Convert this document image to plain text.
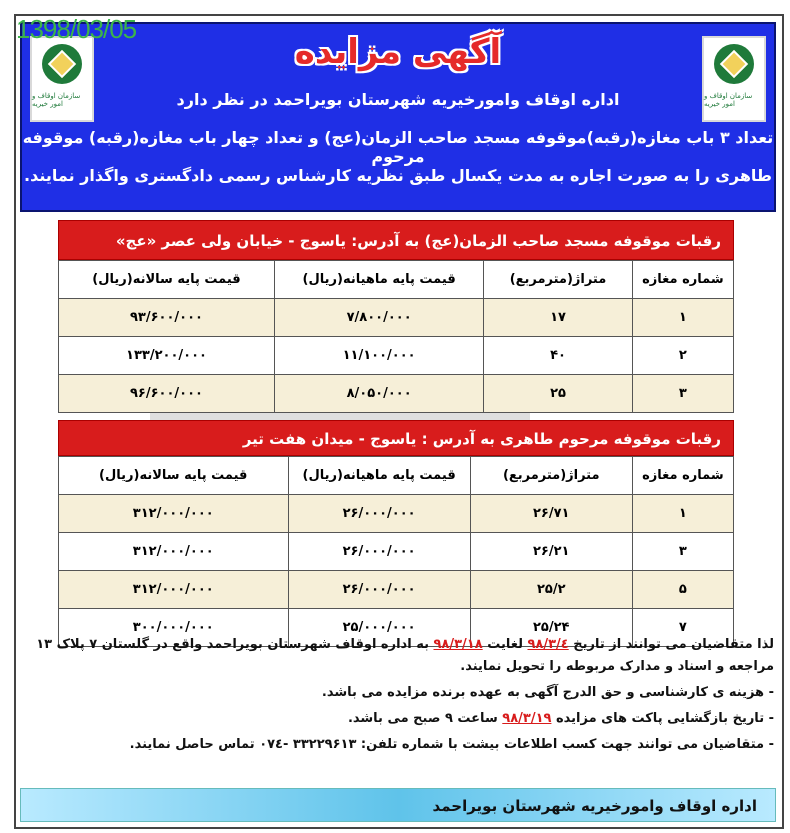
1398/03/05
سازمان اوقاف و امور خیریه
سازمان اوقاف و امور خیریه
آگهی مزایده
اداره اوقاف وامورخیریه شهرستان بویراحمد در نظر دارد
تعداد ۳ باب مغازه(رقبه)موقوفه مسجد صاحب الزمان(عج) و تعداد چهار باب مغازه(رقبه) موقوفه مرحوم
طاهری را به صورت اجاره به مدت یکسال طبق نظریه کارشناس رسمی دادگستری واگذار نمایند.
رقبات موقوفه مسجد صاحب الزمان(عج) به آدرس: یاسوج - خیابان ولی عصر «عج»
شماره مغازه	متراژ(مترمربع)	قیمت پایه ماهیانه(ریال)	قیمت پایه سالانه(ریال)
۱	۱۷	۷/۸۰۰/۰۰۰	۹۳/۶۰۰/۰۰۰
۲	۴۰	۱۱/۱۰۰/۰۰۰	۱۳۳/۲۰۰/۰۰۰
۳	۲۵	۸/۰۵۰/۰۰۰	۹۶/۶۰۰/۰۰۰
رقبات موقوفه مرحوم طاهری به آدرس : یاسوج - میدان هفت تیر
شماره مغازه	متراژ(مترمربع)	قیمت پایه ماهیانه(ریال)	قیمت پایه سالانه(ریال)
۱	۲۶/۷۱	۲۶/۰۰۰/۰۰۰	۳۱۲/۰۰۰/۰۰۰
۳	۲۶/۲۱	۲۶/۰۰۰/۰۰۰	۳۱۲/۰۰۰/۰۰۰
۵	۲۵/۲	۲۶/۰۰۰/۰۰۰	۳۱۲/۰۰۰/۰۰۰
۷	۲۵/۲۴	۲۵/۰۰۰/۰۰۰	۳۰۰/۰۰۰/۰۰۰

لذا متقاضیان می توانند از تاریخ ۹۸/۳/٤ لغایت ۹۸/۳/۱۸ به اداره اوقاف شهرستان بویراحمد واقع در گلستان ۷ پلاک ۱۳ مراجعه و اسناد و مدارک مربوطه را تحویل نمایند.

- هزینه ی کارشناسی و حق الدرج آگهی به عهده برنده مزایده می باشد.

- تاریخ بازگشایی پاکت های مزایده ۹۸/۳/۱۹ ساعت ۹ صبح می باشد.

- متقاضیان می توانند جهت کسب اطلاعات بیشت با شماره تلفن: ۳۳۲۲۹۶۱۳ -۰۷٤ تماس حاصل نمایند.

اداره اوقاف وامورخیریه شهرستان بویراحمد
